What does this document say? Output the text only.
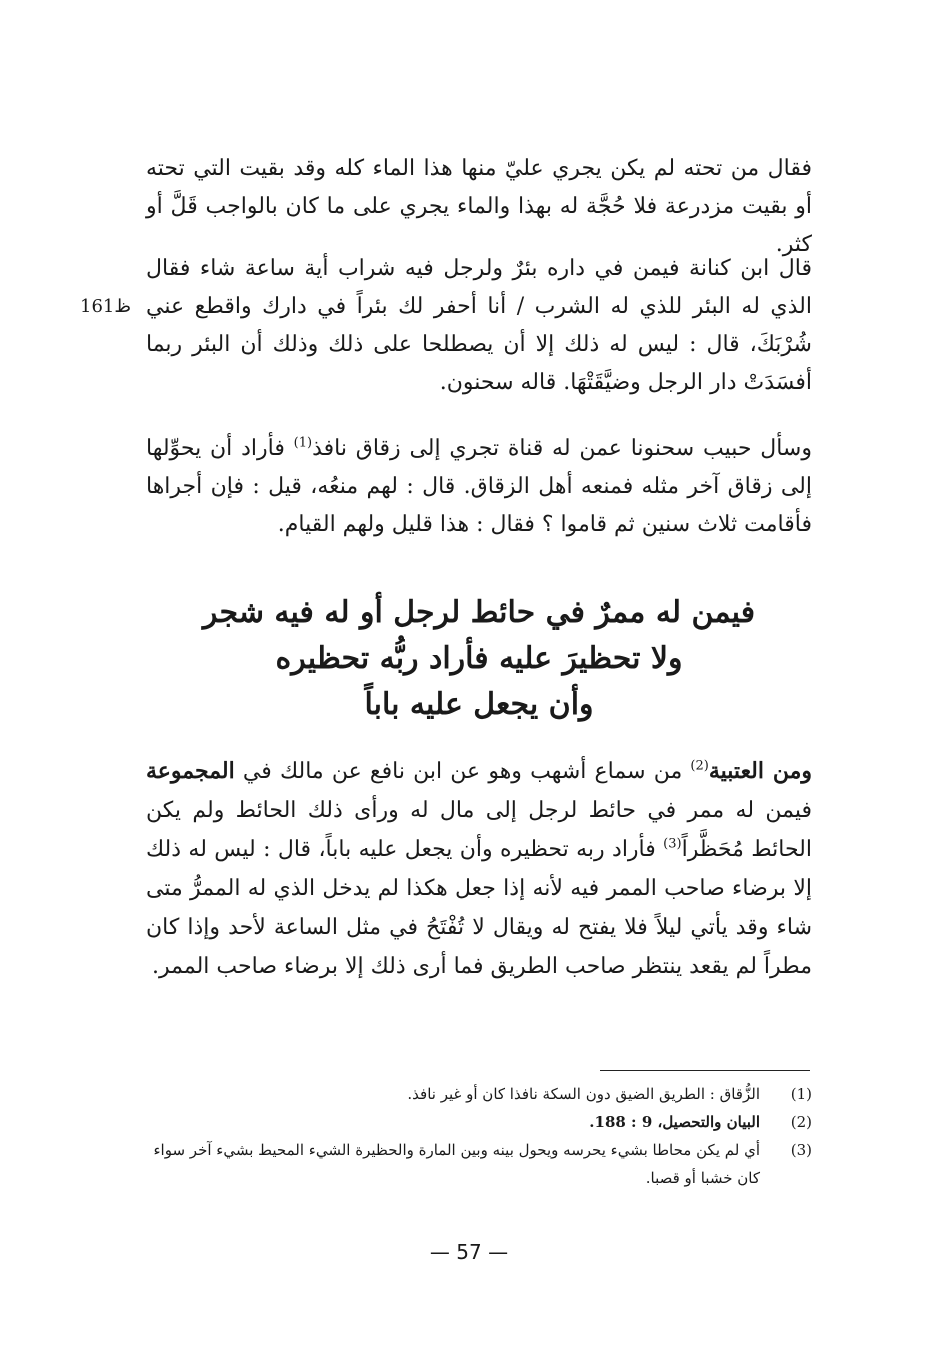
فقال من تحته لم يكن يجري عليّ منها هذا الماء كله وقد بقيت التي تحته أو بقيت مزدرعة فلا حُجَّة له بهذا والماء يجري على ما كان بالواجب قَلَّ أو كثر.
قال ابن كنانة فيمن في داره بئرٌ ولرجل فيه شراب أية ساعة شاء فقال الذي له البئر للذي له الشرب / أنا أحفر لك بئراً في دارك واقطع عني شُرْبَكَ، قال : ليس له ذلك إلا أن يصطلحا على ذلك وذلك أن البئر ربما أفسَدَتْ دار الرجل وضيَّقَتْهَا. قاله سحنون.
161ظ
وسأل حبيب سحنونا عمن له قناة تجري إلى زقاق نافذ$^{(1)}$ فأراد أن يحوِّلها إلى زقاق آخر مثله فمنعه أهل الزقاق. قال : لهم منعُه، قيل : فإن أجراها فأقامت ثلاث سنين ثم قاموا ؟ فقال : هذا قليل ولهم القيام.
فيمن له ممرٌ في حائط لرجل أو له فيه شجر
ولا تحظيرَ عليه فأراد ربُّه تحظيره
وأن يجعل عليه باباً
ومن العتبية$^{(2)}$ من سماع أشهب وهو عن ابن نافع عن مالك في المجموعة فيمن له ممر في حائط لرجل إلى مال له ورأى ذلك الحائط ولم يكن الحائط مُحَظَّراً$^{(3)}$ فأراد ربه تحظيره وأن يجعل عليه باباً، قال : ليس له ذلك إلا برضاء صاحب الممر فيه لأنه إذا جعل هكذا لم يدخل الذي له الممرُّ متى شاء وقد يأتي ليلاً فلا يفتح له ويقال لا تُفْتَحُ في مثل الساعة لأحد وإذا كان مطراً لم يقعد ينتظر صاحب الطريق فما أرى ذلك إلا برضاء صاحب الممر.
(1)
الزُّقاق : الطريق الضيق دون السكة نافذا كان أو غير نافذ.
(2)
البيان والتحصيل، 9 : 188.
(3)
أي لم يكن محاطا بشيء يحرسه ويحول بينه وبين المارة والحظيرة الشيء المحيط بشيء آخر سواء كان خشبا أو قصبا.
— 57 —
